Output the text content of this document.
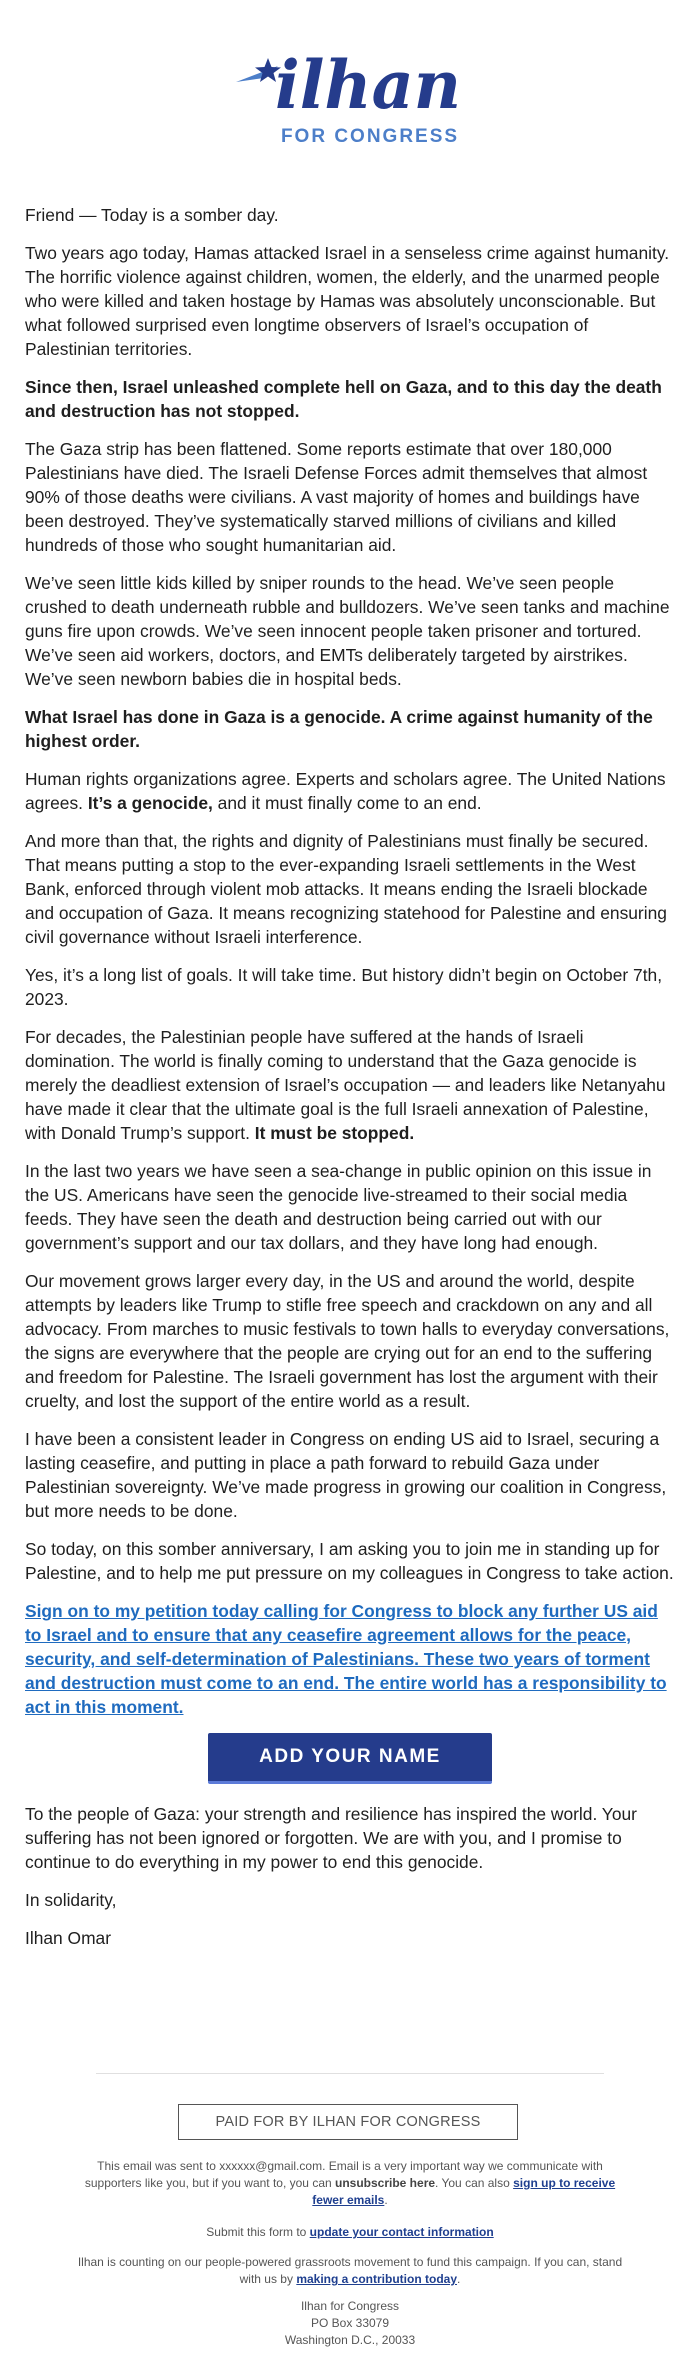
ilhan
FOR CONGRESS

Friend — Today is a somber day.

Two years ago today, Hamas attacked Israel in a senseless crime against humanity. The horrific violence against children, women, the elderly, and the unarmed people who were killed and taken hostage by Hamas was absolutely unconscionable. But what followed surprised even longtime observers of Israel’s occupation of Palestinian territories.

Since then, Israel unleashed complete hell on Gaza, and to this day the death and destruction has not stopped.

The Gaza strip has been flattened. Some reports estimate that over 180,000 Palestinians have died. The Israeli Defense Forces admit themselves that almost 90% of those deaths were civilians. A vast majority of homes and buildings have been destroyed. They’ve systematically starved millions of civilians and killed hundreds of those who sought humanitarian aid.

We’ve seen little kids killed by sniper rounds to the head. We’ve seen people crushed to death underneath rubble and bulldozers. We’ve seen tanks and machine guns fire upon crowds. We’ve seen innocent people taken prisoner and tortured. We’ve seen aid workers, doctors, and EMTs deliberately targeted by airstrikes. We’ve seen newborn babies die in hospital beds.

What Israel has done in Gaza is a genocide. A crime against humanity of the highest order.

Human rights organizations agree. Experts and scholars agree. The United Nations agrees. It’s a genocide, and it must finally come to an end.

And more than that, the rights and dignity of Palestinians must finally be secured. That means putting a stop to the ever-expanding Israeli settlements in the West Bank, enforced through violent mob attacks. It means ending the Israeli blockade and occupation of Gaza. It means recognizing statehood for Palestine and ensuring civil governance without Israeli interference.

Yes, it’s a long list of goals. It will take time. But history didn’t begin on October 7th, 2023.

For decades, the Palestinian people have suffered at the hands of Israeli domination. The world is finally coming to understand that the Gaza genocide is merely the deadliest extension of Israel’s occupation — and leaders like Netanyahu have made it clear that the ultimate goal is the full Israeli annexation of Palestine, with Donald Trump’s support. It must be stopped.

In the last two years we have seen a sea-change in public opinion on this issue in the US. Americans have seen the genocide live-streamed to their social media feeds. They have seen the death and destruction being carried out with our government’s support and our tax dollars, and they have long had enough.

Our movement grows larger every day, in the US and around the world, despite attempts by leaders like Trump to stifle free speech and crackdown on any and all advocacy. From marches to music festivals to town halls to everyday conversations, the signs are everywhere that the people are crying out for an end to the suffering and freedom for Palestine. The Israeli government has lost the argument with their cruelty, and lost the support of the entire world as a result.

I have been a consistent leader in Congress on ending US aid to Israel, securing a lasting ceasefire, and putting in place a path forward to rebuild Gaza under Palestinian sovereignty. We’ve made progress in growing our coalition in Congress, but more needs to be done.

So today, on this somber anniversary, I am asking you to join me in standing up for Palestine, and to help me put pressure on my colleagues in Congress to take action.

Sign on to my petition today calling for Congress to block any further US aid to Israel and to ensure that any ceasefire agreement allows for the peace, security, and self-determination of Palestinians. These two years of torment and destruction must come to an end. The entire world has a responsibility to act in this moment.
ADD YOUR NAME

To the people of Gaza: your strength and resilience has inspired the world. Your suffering has not been ignored or forgotten. We are with you, and I promise to continue to do everything in my power to end this genocide.

In solidarity,

Ilhan Omar

PAID FOR BY ILHAN FOR CONGRESS
This email was sent to xxxxxx@gmail.com. Email is a very important way we communicate with supporters like you, but if you want to, you can unsubscribe here. You can also sign up to receive fewer emails.
Submit this form to update your contact information
Ilhan is counting on our people-powered grassroots movement to fund this campaign. If you can, stand with us by making a contribution today.
Ilhan for Congress
PO Box 33079
Washington D.C., 20033
